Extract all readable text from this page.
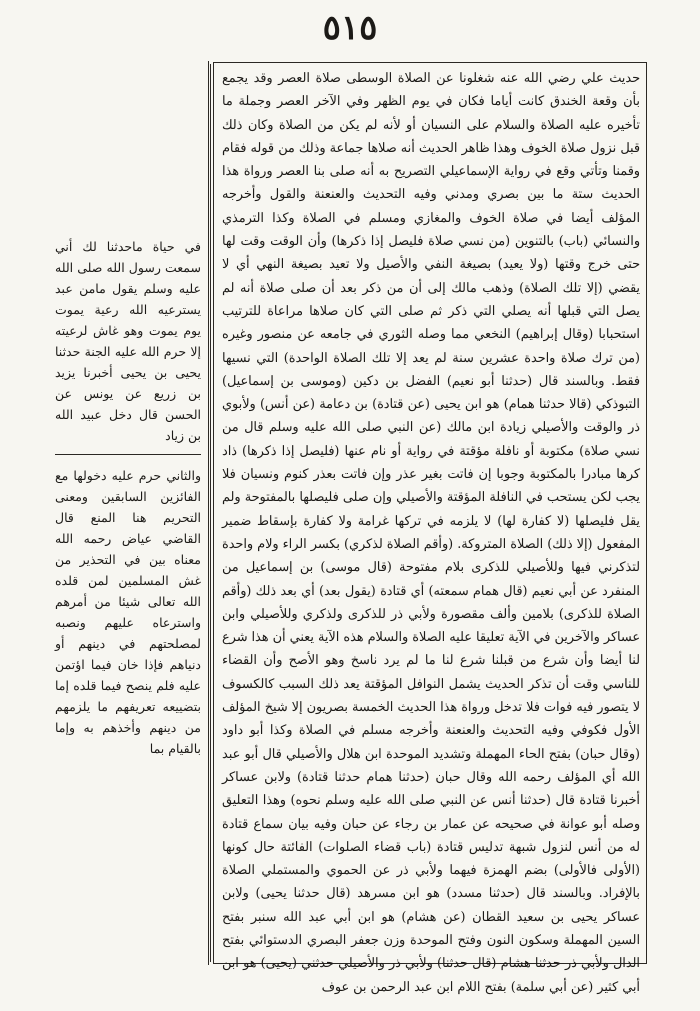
٥١٥

في حياة ماحدثنا لك أني سمعت رسول الله صلى الله عليه وسلم يقول مامن عبد يسترعيه الله رعية يموت يوم يموت وهو غاش لرعيته إلا حرم الله عليه الجنة حدثنا يحيى بن يحيى أخبرنا يزيد بن زريع عن يونس عن الحسن قال دخل عبيد الله بن زياد

والثاني حرم عليه دخولها مع الفائزين السابقين ومعنى التحريم هنا المنع قال القاضي عياض رحمه الله معناه بين في التحذير من غش المسلمين لمن قلده الله تعالى شيئا من أمرهم واسترعاه عليهم ونصبه لمصلحتهم في دينهم أو دنياهم فإذا خان فيما اؤتمن عليه فلم ينصح فيما قلده إما بتضييعه تعريفهم ما يلزمهم من دينهم وأخذهم به وإما بالقيام بما

حديث علي رضي الله عنه شغلونا عن الصلاة الوسطى صلاة العصر وقد يجمع بأن وقعة الخندق كانت أياما فكان في يوم الظهر وفي الآخر العصر وجملة ما تأخيره عليه الصلاة والسلام على النسيان أو لأنه لم يكن من الصلاة وكان ذلك قبل نزول صلاة الخوف وهذا ظاهر الحديث أنه صلاها جماعة وذلك من قوله فقام وقمنا وتأتي وقع في رواية الإسماعيلي التصريح به أنه صلى بنا العصر ورواة هذا الحديث ستة ما بين بصري ومدني وفيه التحديث والعنعنة والقول وأخرجه المؤلف أيضا في صلاة الخوف والمغازي ومسلم في الصلاة وكذا الترمذي والنسائي (باب) بالتنوين (من نسي صلاة فليصل إذا ذكرها) وأن الوقت وقت لها حتى خرج وقتها (ولا يعيد) بصيغة النفي والأصيل ولا تعيد بصيغة النهي أي لا يقضي (إلا تلك الصلاة) وذهب مالك إلى أن من ذكر بعد أن صلى صلاة أنه لم يصل التي قبلها أنه يصلي التي ذكر ثم صلى التي كان صلاها مراعاة للترتيب استحبابا (وقال إبراهيم) النخعي مما وصله الثوري في جامعه عن منصور وغيره (من ترك صلاة واحدة عشرين سنة لم يعد إلا تلك الصلاة الواحدة) التي نسيها فقط. وبالسند قال (حدثنا أبو نعيم) الفضل بن دكين (وموسى بن إسماعيل) التبوذكي (قالا حدثنا همام) هو ابن يحيى (عن قتادة) بن دعامة (عن أنس) ولأبوي ذر والوقت والأصيلي زيادة ابن مالك (عن النبي صلى الله عليه وسلم قال من نسي صلاة) مكتوبة أو نافلة مؤقتة في رواية أو نام عنها (فليصل إذا ذكرها) ذاد كرها مبادرا بالمكتوبة وجوبا إن فاتت بغير عذر وإن فاتت بعذر كنوم ونسيان فلا يجب لكن يستحب في النافلة المؤقتة والأصيلي وإن صلى فليصلها بالمفتوحة ولم يقل فليصلها (لا كفارة لها) لا يلزمه في تركها غرامة ولا كفارة بإسقاط ضمير المفعول (إلا ذلك) الصلاة المتروكة. (وأقم الصلاة لذكري) بكسر الراء ولام واحدة لتذكرني فيها وللأصيلي للذكرى بلام مفتوحة (قال موسى) بن إسماعيل من المنفرد عن أبي نعيم (قال همام سمعته) أي قتادة (يقول بعد) أي بعد ذلك (وأقم الصلاة للذكرى) بلامين وألف مقصورة ولأبي ذر للذكرى ولذكري وللأصيلي وابن عساكر والآخرين في الآية تعليقا عليه الصلاة والسلام هذه الآية يعني أن هذا شرع لنا أيضا وأن شرع من قبلنا شرع لنا ما لم يرد ناسخ وهو الأصح وأن القضاء للناسي وقت أن تذكر الحديث يشمل النوافل المؤقتة يعد ذلك السبب كالكسوف لا يتصور فيه فوات فلا تدخل ورواة هذا الحديث الخمسة بصريون إلا شيخ المؤلف الأول فكوفي وفيه التحديث والعنعنة وأخرجه مسلم في الصلاة وكذا أبو داود (وقال حبان) بفتح الحاء المهملة وتشديد الموحدة ابن هلال والأصيلي قال أبو عبد الله أي المؤلف رحمه الله وقال حبان (حدثنا همام حدثنا قتادة) ولابن عساكر أخبرنا قتادة قال (حدثنا أنس عن النبي صلى الله عليه وسلم نحوه) وهذا التعليق وصله أبو عوانة في صحيحه عن عمار بن رجاء عن حبان وفيه بيان سماع قتادة له من أنس لنزول شبهة تدليس قتادة (باب قضاء الصلوات) الفائتة حال كونها (الأولى فالأولى) بضم الهمزة فيهما ولأبي ذر عن الحموي والمستملي الصلاة بالإفراد. وبالسند قال (حدثنا مسدد) هو ابن مسرهد (قال حدثنا يحيى) ولابن عساكر يحيى بن سعيد القطان (عن هشام) هو ابن أبي عبد الله سنبر بفتح السين المهملة وسكون النون وفتح الموحدة وزن جعفر البصري الدستوائي بفتح الدال ولأبي ذر حدثنا هشام (قال حدثنا) ولأبي ذر والأصيلي حدثني (يحيى) هو ابن أبي كثير (عن أبي سلمة) بفتح اللام ابن عبد الرحمن بن عوف
